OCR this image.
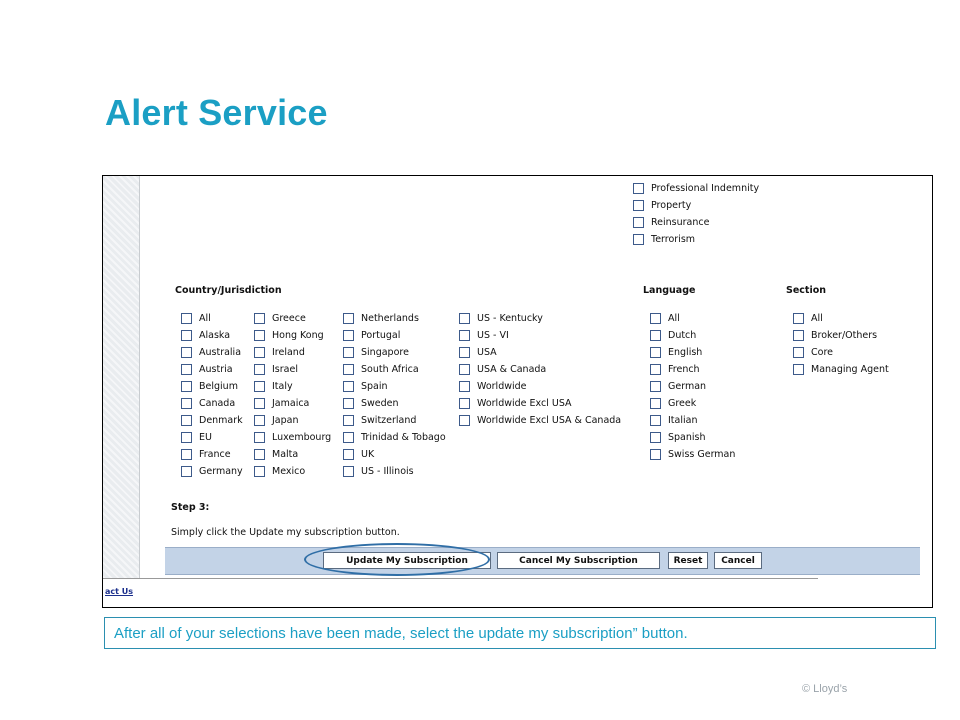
Alert Service
Professional Indemnity
Property
Reinsurance
Terrorism
Country/Jurisdiction
All
Alaska
Australia
Austria
Belgium
Canada
Denmark
EU
France
Germany
Greece
Hong Kong
Ireland
Israel
Italy
Jamaica
Japan
Luxembourg
Malta
Mexico
Netherlands
Portugal
Singapore
South Africa
Spain
Sweden
Switzerland
Trinidad & Tobago
UK
US - Illinois
US - Kentucky
US - VI
USA
USA & Canada
Worldwide
Worldwide Excl USA
Worldwide Excl USA & Canada
Language
All
Dutch
English
French
German
Greek
Italian
Spanish
Swiss German
Section
All
Broker/Others
Core
Managing Agent
Step 3:
Simply click the Update my subscription button.
Update My Subscription	Cancel My Subscription	Reset	Cancel
act Us
After all of your selections have been made, select the update my subscription” button.
© Lloyd’s
